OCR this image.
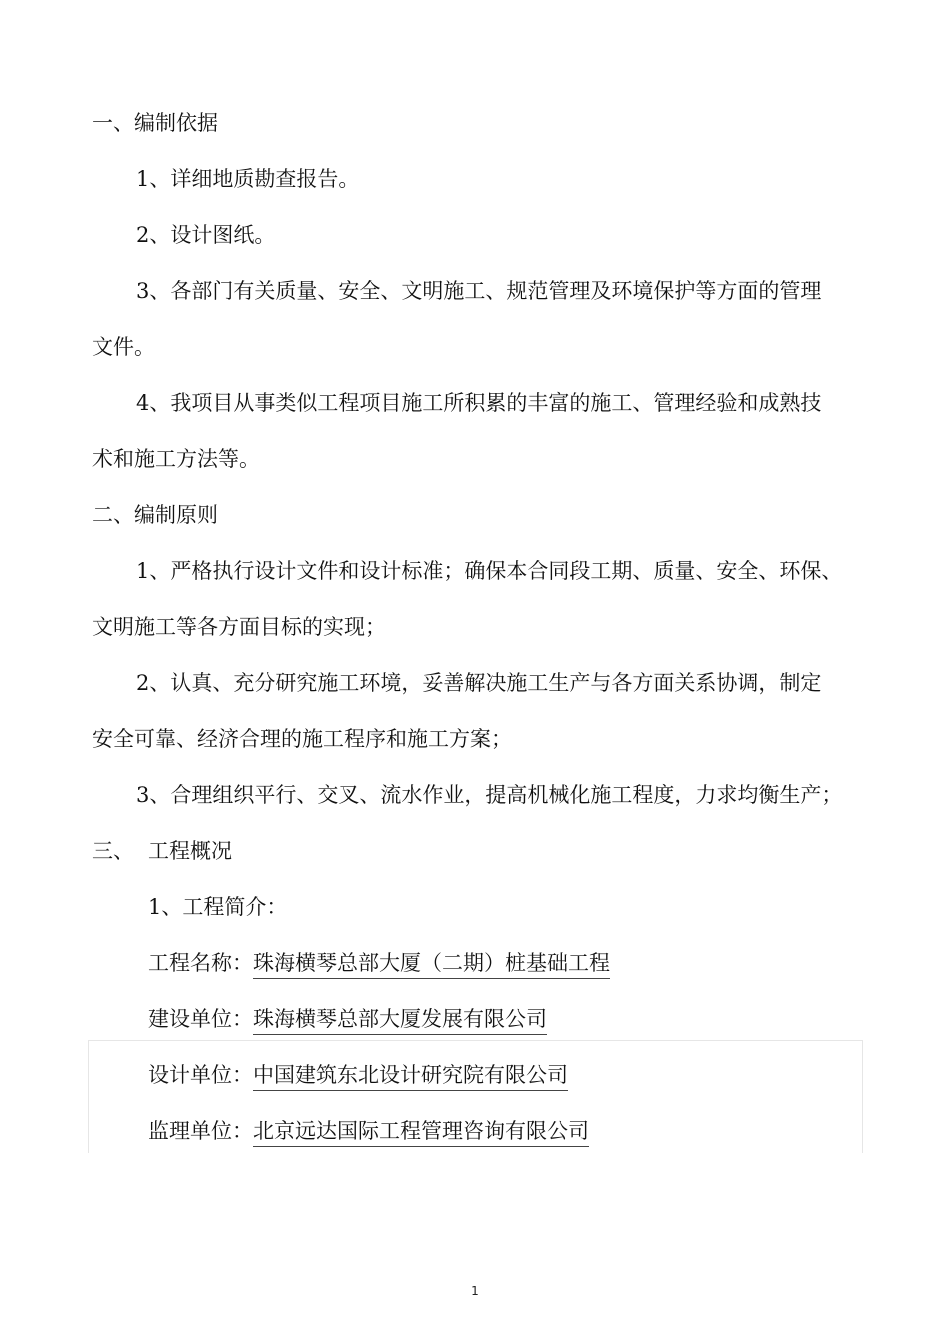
一、编制依据
1、详细地质勘查报告。
2、设计图纸。
3、各部门有关质量、安全、文明施工、规范管理及环境保护等方面的管理
文件。
4、我项目从事类似工程项目施工所积累的丰富的施工、管理经验和成熟技
术和施工方法等。
二、编制原则
1、严格执行设计文件和设计标准；确保本合同段工期、质量、安全、环保、
文明施工等各方面目标的实现；
2、认真、充分研究施工环境，妥善解决施工生产与各方面关系协调，制定
安全可靠、经济合理的施工程序和施工方案；
3、合理组织平行、交叉、流水作业，提高机械化施工程度，力求均衡生产；
三、 工程概况
1、工程简介：
工程名称：珠海横琴总部大厦（二期）桩基础工程
建设单位：珠海横琴总部大厦发展有限公司
设计单位：中国建筑东北设计研究院有限公司
监理单位：北京远达国际工程管理咨询有限公司
1
